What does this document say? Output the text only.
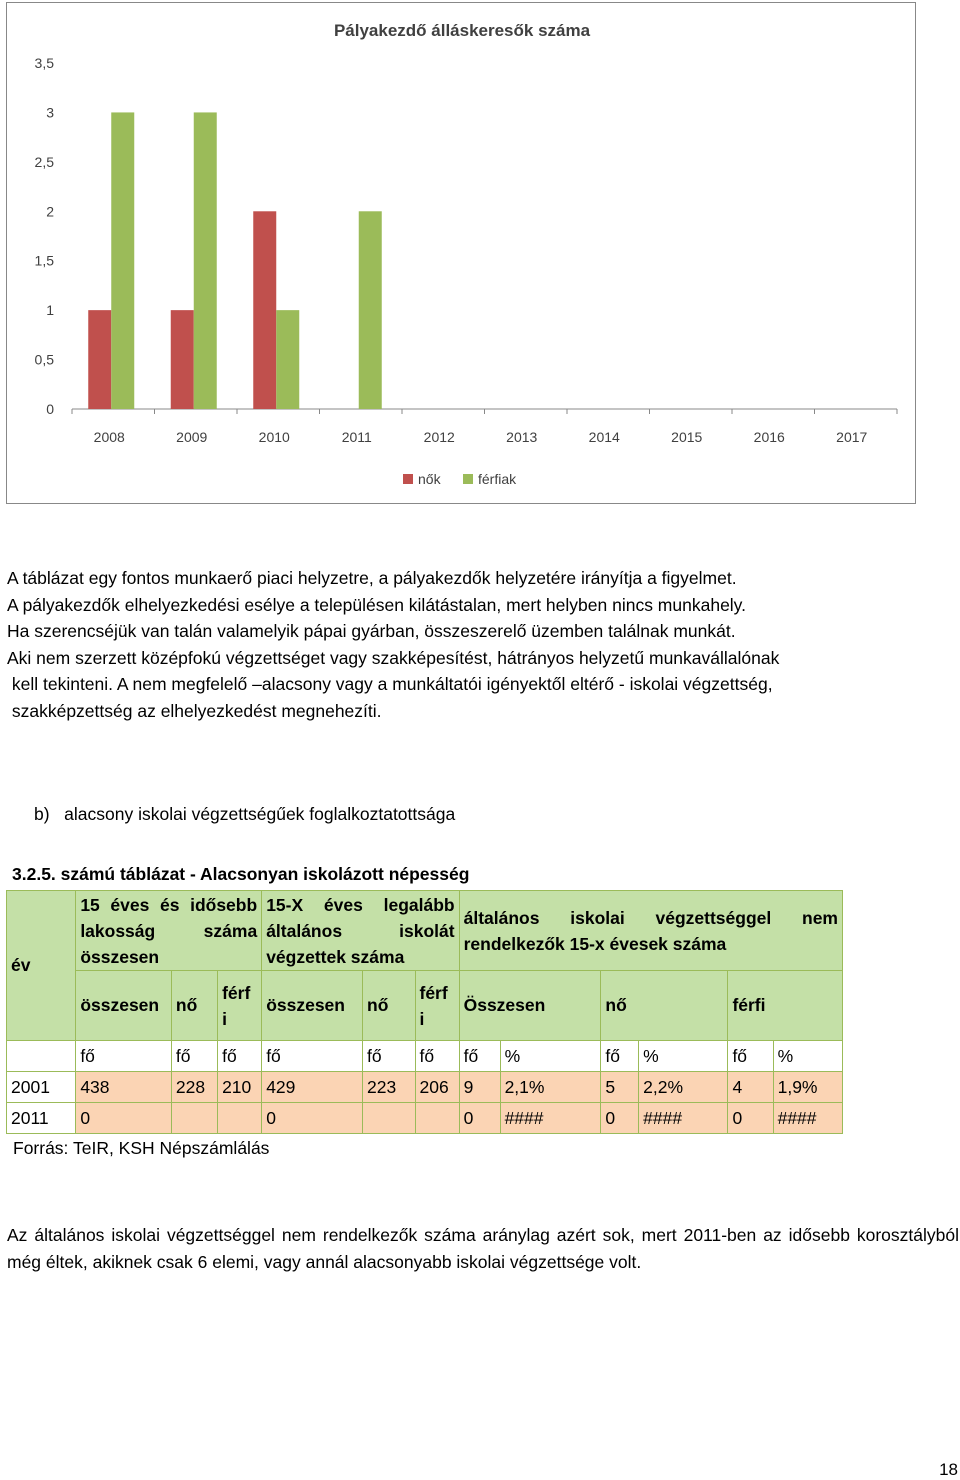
Pályakezdő álláskeresők száma
0
0,5
1
1,5
2
2,5
3
3,5
2008	2009	2010	2011	2012	2013	2014	2015	2016	2017
nők	férfiak
A táblázat egy fontos munkaerő piaci helyzetre, a pályakezdők helyzetére irányítja a figyelmet.
A pályakezdők elhelyezkedési esélye a településen kilátástalan, mert helyben nincs munkahely.
Ha szerencséjük van talán valamelyik pápai gyárban, összeszerelő üzemben találnak munkát.
Aki nem szerzett középfokú végzettséget vagy szakképesítést, hátrányos helyzetű munkavállalónak
kell tekinteni. A nem megfelelő –alacsony vagy a munkáltatói igényektől eltérő - iskolai végzettség,
szakképzettség az elhelyezkedést megnehezíti.
b)   alacsony iskolai végzettségűek foglalkoztatottsága
3.2.5. számú táblázat - Alacsonyan iskolázott népesség
év	15 éves és idősebb lakosság száma összesen			15-X éves legalább általános iskolát végzettek száma			általános iskolai végzettséggel nem rendelkezők 15-x évesek száma					
	összesen	nő	férf i	összesen	nő	férf i	Összesen		nő		férfi	
	fő	fő	fő	fő	fő	fő	fő	%	fő	%	fő	%
2001	438	228	210	429	223	206	9	2,1%	5	2,2%	4	1,9%
2011	0			0			0	####	0	####	0	####
Forrás: TeIR, KSH Népszámlálás
Az általános iskolai végzettséggel nem rendelkezők száma aránylag azért sok, mert 2011-ben az idősebb korosztályból még éltek, akiknek csak 6 elemi, vagy annál alacsonyabb iskolai végzettsége volt.
18
